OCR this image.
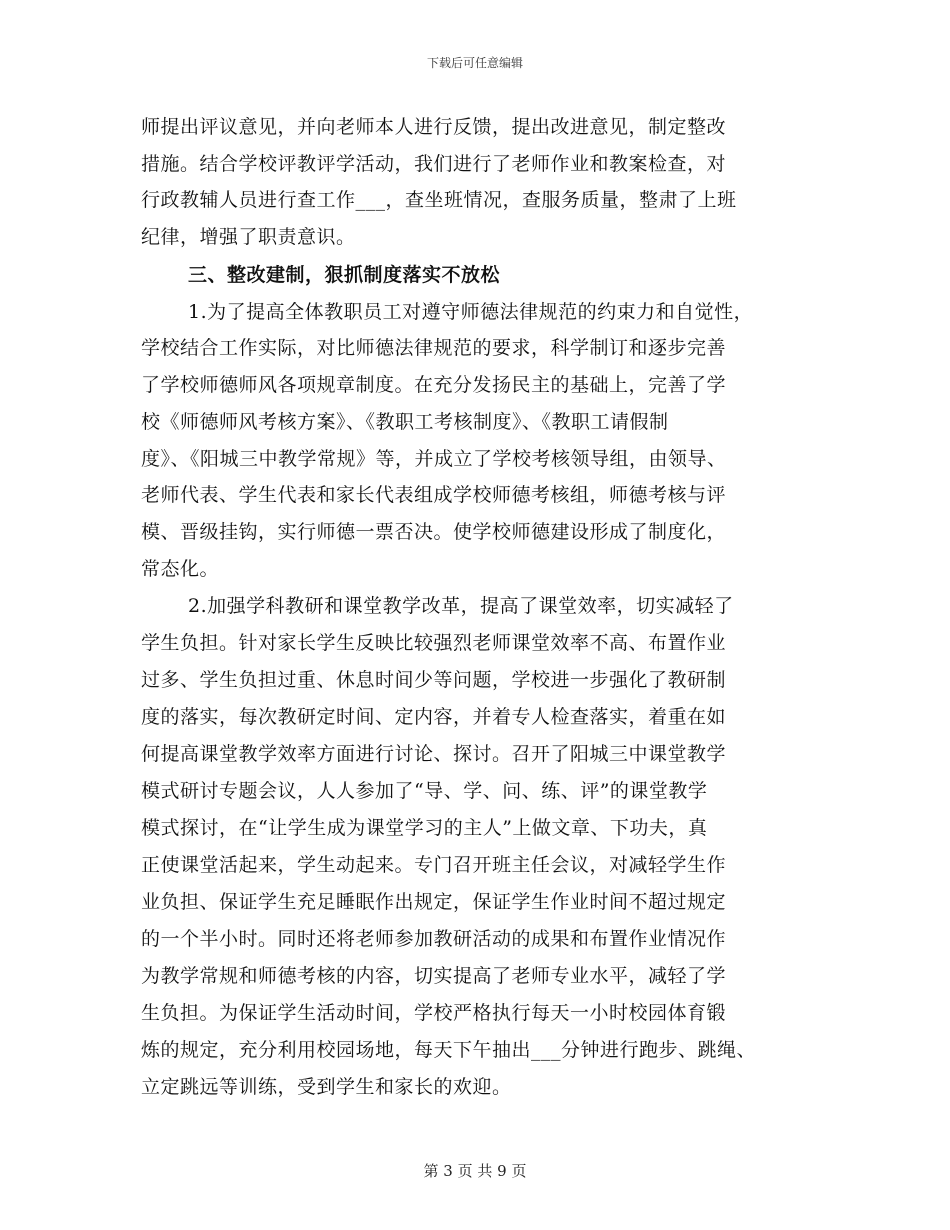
下载后可任意编辑
师提出评议意见，并向老师本人进行反馈，提出改进意见，制定整改
措施。结合学校评教评学活动，我们进行了老师作业和教案检查，对
行政教辅人员进行查工作___，查坐班情况，查服务质量，整肃了上班
纪律，增强了职责意识。
三、整改建制，狠抓制度落实不放松
1.为了提高全体教职员工对遵守师德法律规范的约束力和自觉性，
学校结合工作实际，对比师德法律规范的要求，科学制订和逐步完善
了学校师德师风各项规章制度。在充分发扬民主的基础上，完善了学
校《师德师风考核方案》、《教职工考核制度》、《教职工请假制
度》、《阳城三中教学常规》等，并成立了学校考核领导组，由领导、
老师代表、学生代表和家长代表组成学校师德考核组，师德考核与评
模、晋级挂钩，实行师德一票否决。使学校师德建设形成了制度化，
常态化。
2.加强学科教研和课堂教学改革，提高了课堂效率，切实减轻了
学生负担。针对家长学生反映比较强烈老师课堂效率不高、布置作业
过多、学生负担过重、休息时间少等问题，学校进一步强化了教研制
度的落实，每次教研定时间、定内容，并着专人检查落实，着重在如
何提高课堂教学效率方面进行讨论、探讨。召开了阳城三中课堂教学
模式研讨专题会议，人人参加了“导、学、问、练、评”的课堂教学
模式探讨，在“让学生成为课堂学习的主人”上做文章、下功夫，真
正使课堂活起来，学生动起来。专门召开班主任会议，对减轻学生作
业负担、保证学生充足睡眠作出规定，保证学生作业时间不超过规定
的一个半小时。同时还将老师参加教研活动的成果和布置作业情况作
为教学常规和师德考核的内容，切实提高了老师专业水平，减轻了学
生负担。为保证学生活动时间，学校严格执行每天一小时校园体育锻
炼的规定，充分利用校园场地，每天下午抽出___分钟进行跑步、跳绳、
立定跳远等训练，受到学生和家长的欢迎。
第 3 页 共 9 页
